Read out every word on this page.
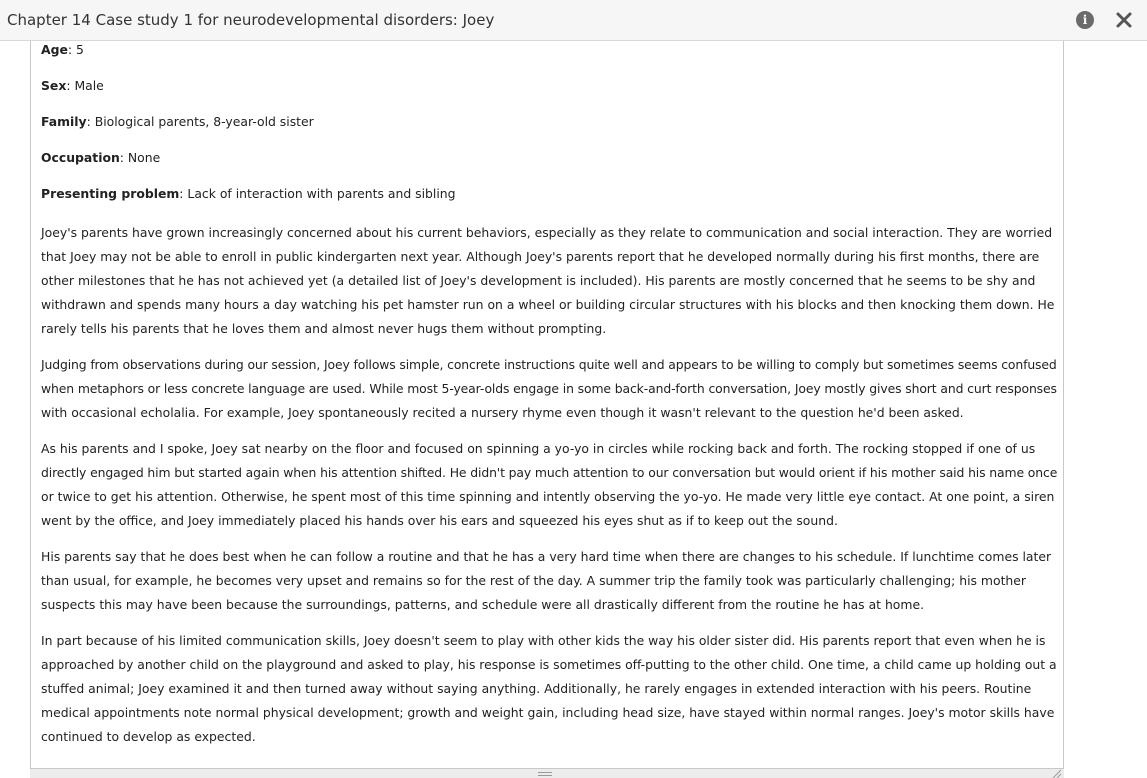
Chapter 14 Case study 1 for neurodevelopmental disorders: Joey	i
Age: 5
Sex: Male
Family: Biological parents, 8-year-old sister
Occupation: None
Presenting problem: Lack of interaction with parents and sibling
Joey's parents have grown increasingly concerned about his current behaviors, especially as they relate to communication and social interaction. They are worried
that Joey may not be able to enroll in public kindergarten next year. Although Joey's parents report that he developed normally during his first months, there are
other milestones that he has not achieved yet (a detailed list of Joey's development is included). His parents are mostly concerned that he seems to be shy and
withdrawn and spends many hours a day watching his pet hamster run on a wheel or building circular structures with his blocks and then knocking them down. He
rarely tells his parents that he loves them and almost never hugs them without prompting.
Judging from observations during our session, Joey follows simple, concrete instructions quite well and appears to be willing to comply but sometimes seems confused
when metaphors or less concrete language are used. While most 5-year-olds engage in some back-and-forth conversation, Joey mostly gives short and curt responses
with occasional echolalia. For example, Joey spontaneously recited a nursery rhyme even though it wasn't relevant to the question he'd been asked.
As his parents and I spoke, Joey sat nearby on the floor and focused on spinning a yo-yo in circles while rocking back and forth. The rocking stopped if one of us
directly engaged him but started again when his attention shifted. He didn't pay much attention to our conversation but would orient if his mother said his name once
or twice to get his attention. Otherwise, he spent most of this time spinning and intently observing the yo-yo. He made very little eye contact. At one point, a siren
went by the office, and Joey immediately placed his hands over his ears and squeezed his eyes shut as if to keep out the sound.
His parents say that he does best when he can follow a routine and that he has a very hard time when there are changes to his schedule. If lunchtime comes later
than usual, for example, he becomes very upset and remains so for the rest of the day. A summer trip the family took was particularly challenging; his mother
suspects this may have been because the surroundings, patterns, and schedule were all drastically different from the routine he has at home.
In part because of his limited communication skills, Joey doesn't seem to play with other kids the way his older sister did. His parents report that even when he is
approached by another child on the playground and asked to play, his response is sometimes off-putting to the other child. One time, a child came up holding out a
stuffed animal; Joey examined it and then turned away without saying anything. Additionally, he rarely engages in extended interaction with his peers. Routine
medical appointments note normal physical development; growth and weight gain, including head size, have stayed within normal ranges. Joey's motor skills have
continued to develop as expected.
